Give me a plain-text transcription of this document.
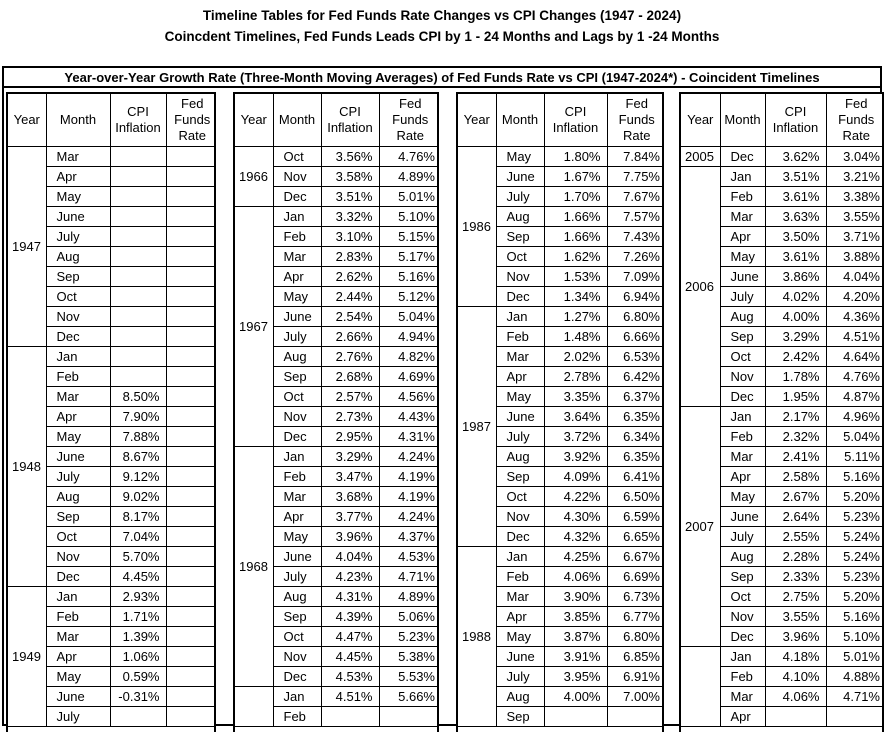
Timeline Tables for Fed Funds Rate Changes vs CPI Changes (1947 - 2024)
Coincdent Timelines, Fed Funds Leads CPI by 1 - 24 Months and Lags by 1 -24 Months
Year-over-Year Growth Rate (Three-Month Moving Averages) of Fed Funds Rate vs CPI (1947-2024*) - Coincident Timelines
Year	Month	CPI
Inflation	Fed
Funds
Rate
1947	Mar		
	Apr		
	May		
	June		
	July		
	Aug		
	Sep		
	Oct		
	Nov		
	Dec		
1948	Jan		
	Feb		
	Mar	8.50%	
	Apr	7.90%	
	May	7.88%	
	June	8.67%	
	July	9.12%	
	Aug	9.02%	
	Sep	8.17%	
	Oct	7.04%	
	Nov	5.70%	
	Dec	4.45%	
1949	Jan	2.93%	
	Feb	1.71%	
	Mar	1.39%	
	Apr	1.06%	
	May	0.59%	
	June	-0.31%	
	July		
Year	Month	CPI
Inflation	Fed
Funds
Rate
1966	Oct	3.56%	4.76%
	Nov	3.58%	4.89%
	Dec	3.51%	5.01%
1967	Jan	3.32%	5.10%
	Feb	3.10%	5.15%
	Mar	2.83%	5.17%
	Apr	2.62%	5.16%
	May	2.44%	5.12%
	June	2.54%	5.04%
	July	2.66%	4.94%
	Aug	2.76%	4.82%
	Sep	2.68%	4.69%
	Oct	2.57%	4.56%
	Nov	2.73%	4.43%
	Dec	2.95%	4.31%
1968	Jan	3.29%	4.24%
	Feb	3.47%	4.19%
	Mar	3.68%	4.19%
	Apr	3.77%	4.24%
	May	3.96%	4.37%
	June	4.04%	4.53%
	July	4.23%	4.71%
	Aug	4.31%	4.89%
	Sep	4.39%	5.06%
	Oct	4.47%	5.23%
	Nov	4.45%	5.38%
	Dec	4.53%	5.53%
	Jan	4.51%	5.66%
	Feb		
Year	Month	CPI
Inflation	Fed
Funds
Rate
1986	May	1.80%	7.84%
	June	1.67%	7.75%
	July	1.70%	7.67%
	Aug	1.66%	7.57%
	Sep	1.66%	7.43%
	Oct	1.62%	7.26%
	Nov	1.53%	7.09%
	Dec	1.34%	6.94%
1987	Jan	1.27%	6.80%
	Feb	1.48%	6.66%
	Mar	2.02%	6.53%
	Apr	2.78%	6.42%
	May	3.35%	6.37%
	June	3.64%	6.35%
	July	3.72%	6.34%
	Aug	3.92%	6.35%
	Sep	4.09%	6.41%
	Oct	4.22%	6.50%
	Nov	4.30%	6.59%
	Dec	4.32%	6.65%
1988	Jan	4.25%	6.67%
	Feb	4.06%	6.69%
	Mar	3.90%	6.73%
	Apr	3.85%	6.77%
	May	3.87%	6.80%
	June	3.91%	6.85%
	July	3.95%	6.91%
	Aug	4.00%	7.00%
	Sep		
Year	Month	CPI
Inflation	Fed
Funds
Rate
2005	Dec	3.62%	3.04%
2006	Jan	3.51%	3.21%
	Feb	3.61%	3.38%
	Mar	3.63%	3.55%
	Apr	3.50%	3.71%
	May	3.61%	3.88%
	June	3.86%	4.04%
	July	4.02%	4.20%
	Aug	4.00%	4.36%
	Sep	3.29%	4.51%
	Oct	2.42%	4.64%
	Nov	1.78%	4.76%
	Dec	1.95%	4.87%
2007	Jan	2.17%	4.96%
	Feb	2.32%	5.04%
	Mar	2.41%	5.11%
	Apr	2.58%	5.16%
	May	2.67%	5.20%
	June	2.64%	5.23%
	July	2.55%	5.24%
	Aug	2.28%	5.24%
	Sep	2.33%	5.23%
	Oct	2.75%	5.20%
	Nov	3.55%	5.16%
	Dec	3.96%	5.10%
	Jan	4.18%	5.01%
	Feb	4.10%	4.88%
	Mar	4.06%	4.71%
	Apr		
